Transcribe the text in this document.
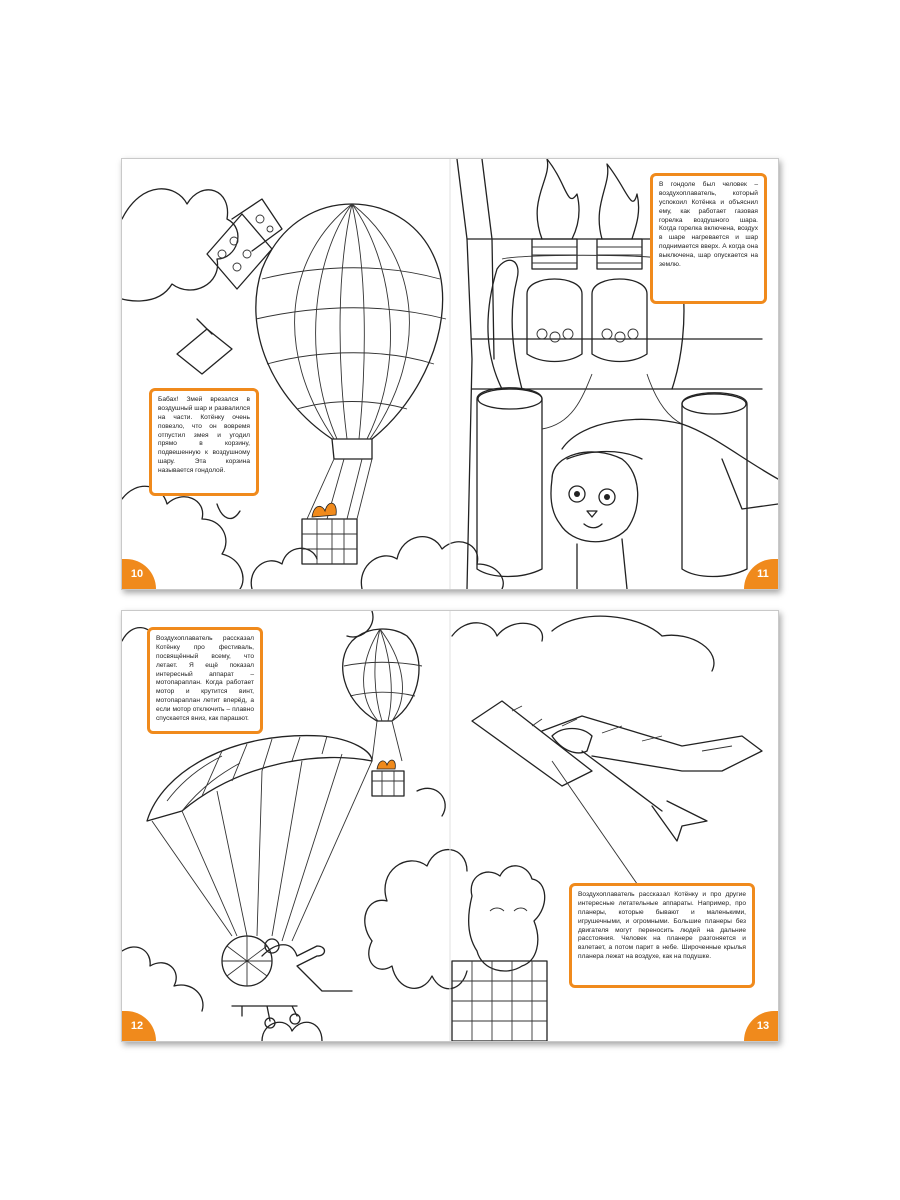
Бабах! Змей врезался в воздушный шар и развалился на части. Котёнку очень повезло, что он вовремя отпустил змея и угодил прямо в корзину, подвешенную к воздушному шару. Эта корзина называется гондолой.
В гондоле был человек – воздухоплаватель, который успокоил Котёнка и объяснил ему, как работает газовая горелка воздушного шара. Когда горелка включена, воздух в шаре нагревается и шар поднимается вверх. А когда она выключена, шар опускается на землю.
10	11
Воздухоплаватель рассказал Котёнку про фестиваль, посвящённый всему, что летает. Я ещё показал интересный аппарат – мотопараплан. Когда работает мотор и крутится винт, мотопараплан летит вперёд, а если мотор отключить – плавно спускается вниз, как парашют.
Воздухоплаватель рассказал Котёнку и про другие интересные летательные аппараты. Например, про планеры, которые бывают и маленькими, игрушечными, и огромными. Большие планеры без двигателя могут переносить людей на дальние расстояния. Человек на планере разгоняется и взлетает, а потом парит в небе. Широченные крылья планера лежат на воздухе, как на подушке.
12	13
